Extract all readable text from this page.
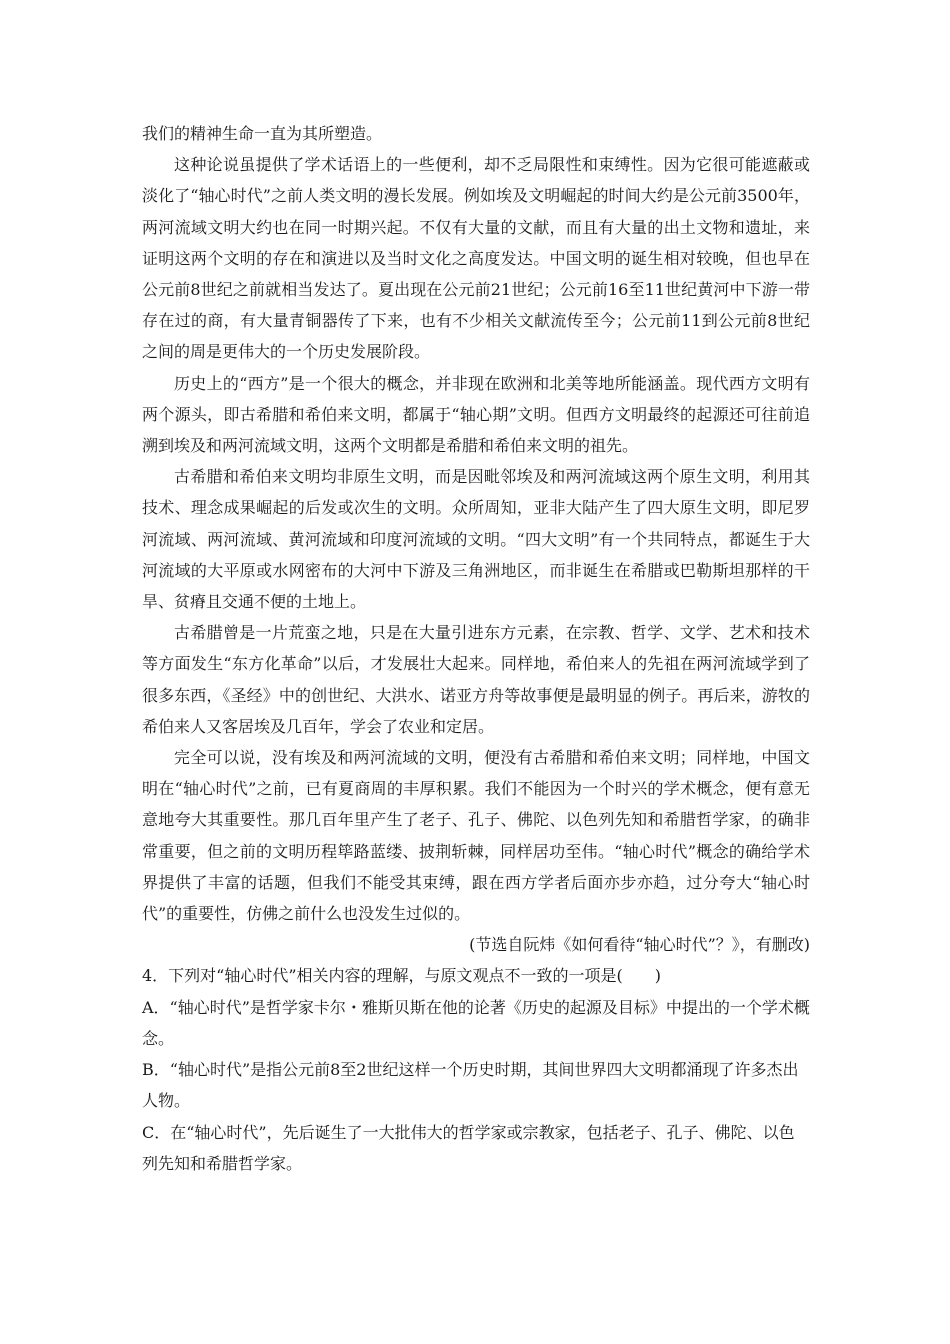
我们的精神生命一直为其所塑造。

这种论说虽提供了学术话语上的一些便利，却不乏局限性和束缚性。因为它很可能遮蔽或淡化了“轴心时代”之前人类文明的漫长发展。例如埃及文明崛起的时间大约是公元前3500年，两河流域文明大约也在同一时期兴起。不仅有大量的文献，而且有大量的出土文物和遗址，来证明这两个文明的存在和演进以及当时文化之高度发达。中国文明的诞生相对较晚，但也早在公元前8世纪之前就相当发达了。夏出现在公元前21世纪；公元前16至11世纪黄河中下游一带存在过的商，有大量青铜器传了下来，也有不少相关文献流传至今；公元前11到公元前8世纪之间的周是更伟大的一个历史发展阶段。

历史上的“西方”是一个很大的概念，并非现在欧洲和北美等地所能涵盖。现代西方文明有两个源头，即古希腊和希伯来文明，都属于“轴心期”文明。但西方文明最终的起源还可往前追溯到埃及和两河流域文明，这两个文明都是希腊和希伯来文明的祖先。

古希腊和希伯来文明均非原生文明，而是因毗邻埃及和两河流域这两个原生文明，利用其技术、理念成果崛起的后发或次生的文明。众所周知，亚非大陆产生了四大原生文明，即尼罗河流域、两河流域、黄河流域和印度河流域的文明。“四大文明”有一个共同特点，都诞生于大河流域的大平原或水网密布的大河中下游及三角洲地区，而非诞生在希腊或巴勒斯坦那样的干旱、贫瘠且交通不便的土地上。

古希腊曾是一片荒蛮之地，只是在大量引进东方元素，在宗教、哲学、文学、艺术和技术等方面发生“东方化革命”以后，才发展壮大起来。同样地，希伯来人的先祖在两河流域学到了很多东西，《圣经》中的创世纪、大洪水、诺亚方舟等故事便是最明显的例子。再后来，游牧的希伯来人又客居埃及几百年，学会了农业和定居。

完全可以说，没有埃及和两河流域的文明，便没有古希腊和希伯来文明；同样地，中国文明在“轴心时代”之前，已有夏商周的丰厚积累。我们不能因为一个时兴的学术概念，便有意无意地夸大其重要性。那几百年里产生了老子、孔子、佛陀、以色列先知和希腊哲学家，的确非常重要，但之前的文明历程筚路蓝缕、披荆斩棘，同样居功至伟。“轴心时代”概念的确给学术界提供了丰富的话题，但我们不能受其束缚，跟在西方学者后面亦步亦趋，过分夸大“轴心时代”的重要性，仿佛之前什么也没发生过似的。

(节选自阮炜《如何看待“轴心时代”？》，有删改)

4．下列对“轴心时代”相关内容的理解，与原文观点不一致的一项是(　　)

A．“轴心时代”是哲学家卡尔・雅斯贝斯在他的论著《历史的起源及目标》中提出的一个学术概念。

B．“轴心时代”是指公元前8至2世纪这样一个历史时期，其间世界四大文明都涌现了许多杰出人物。

C．在“轴心时代”，先后诞生了一大批伟大的哲学家或宗教家，包括老子、孔子、佛陀、以色列先知和希腊哲学家。
